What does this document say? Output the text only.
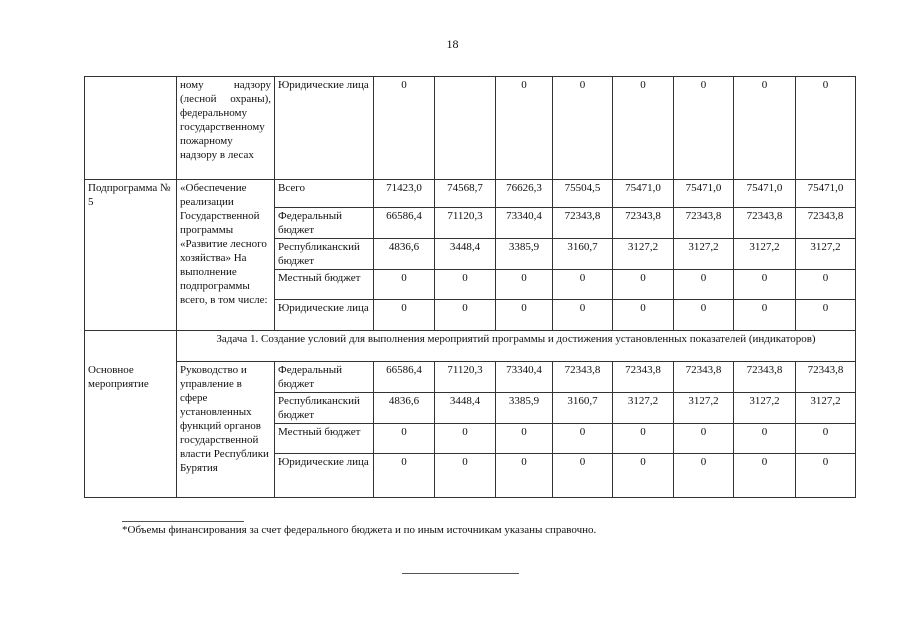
18
	ному надзору (лесной охраны), федеральному государственному пожарному надзору в лесах	Юридические лица	0		0	0	0	0	0	0
Подпрограмма № 5	«Обеспечение реализации Государственной программы «Развитие лесного хозяйства» На выполнение подпрограммы всего, в том числе:	Всего	71423,0	74568,7	76626,3	75504,5	75471,0	75471,0	75471,0	75471,0
		Федеральный бюджет	66586,4	71120,3	73340,4	72343,8	72343,8	72343,8	72343,8	72343,8
		Республиканский бюджет	4836,6	3448,4	3385,9	3160,7	3127,2	3127,2	3127,2	3127,2
		Местный бюджет	0	0	0	0	0	0	0	0
		Юридические лица	0	0	0	0	0	0	0	0
Основное мероприятие	Задача 1. Создание условий для выполнения мероприятий программы и достижения установленных показателей (индикаторов)									
	Руководство и управление в сфере установленных функций органов государственной власти Республики Бурятия	Федеральный бюджет	66586,4	71120,3	73340,4	72343,8	72343,8	72343,8	72343,8	72343,8
		Республиканский бюджет	4836,6	3448,4	3385,9	3160,7	3127,2	3127,2	3127,2	3127,2
		Местный бюджет	0	0	0	0	0	0	0	0
		Юридические лица	0	0	0	0	0	0	0	0
*Объемы финансирования за счет федерального бюджета и по иным источникам указаны справочно.
